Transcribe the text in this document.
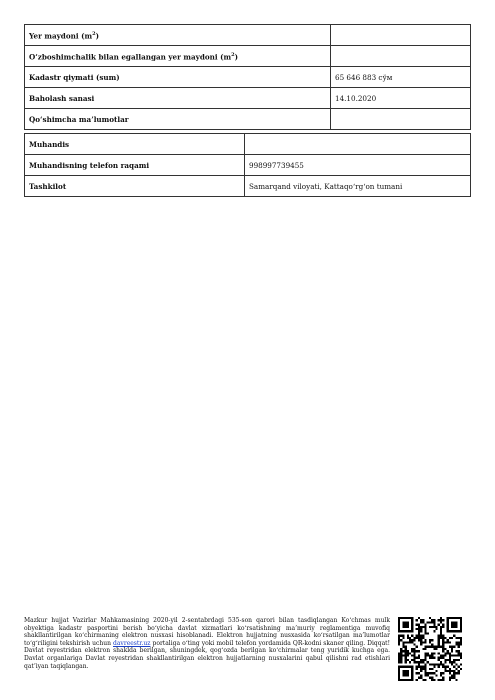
Yer maydoni $(m^2)$	
O‘zboshimchalik bilan egallangan yer maydoni $(m^2)$	
Kadastr qiymati (sum)	65 646 883 сўм
Baholash sanasi	14.10.2020
Qo‘shimcha ma’lumotlar	
Muhandis	
Muhandisning telefon raqami	998997739455
Tashkilot	Samarqand viloyati, Kattaqo‘rg‘on tumani

Mazkur hujjat Vazirlar Mahkamasining 2020-yil 2-sentabrdagi 535-son qarori bilan tasdiqlangan Ko‘chmas mulk obyektiga kadastr pasportini berish bo‘yicha davlat xizmatlari ko‘rsatishning ma’muriy reglamentiga muvofiq shakllantirilgan ko‘chirmaning elektron nusxasi hisoblanadi. Elektron hujjatning nusxasida ko‘rsatilgan ma’lumotlar to‘g‘riligini tekshirish uchun davreestr.uz portaliga o‘ting yoki mobil telefon yordamida QR-kodni skaner qiling. Diqqat! Davlat reyestridan elektron shaklda berilgan, shuningdek, qog‘ozda berilgan ko‘chirmalar teng yuridik kuchga ega. Davlat organlariga Davlat reyestridan shakllantirilgan elektron hujjatlarning nusxalarini qabul qilishni rad etishlari qat’iyan taqiqlangan.
